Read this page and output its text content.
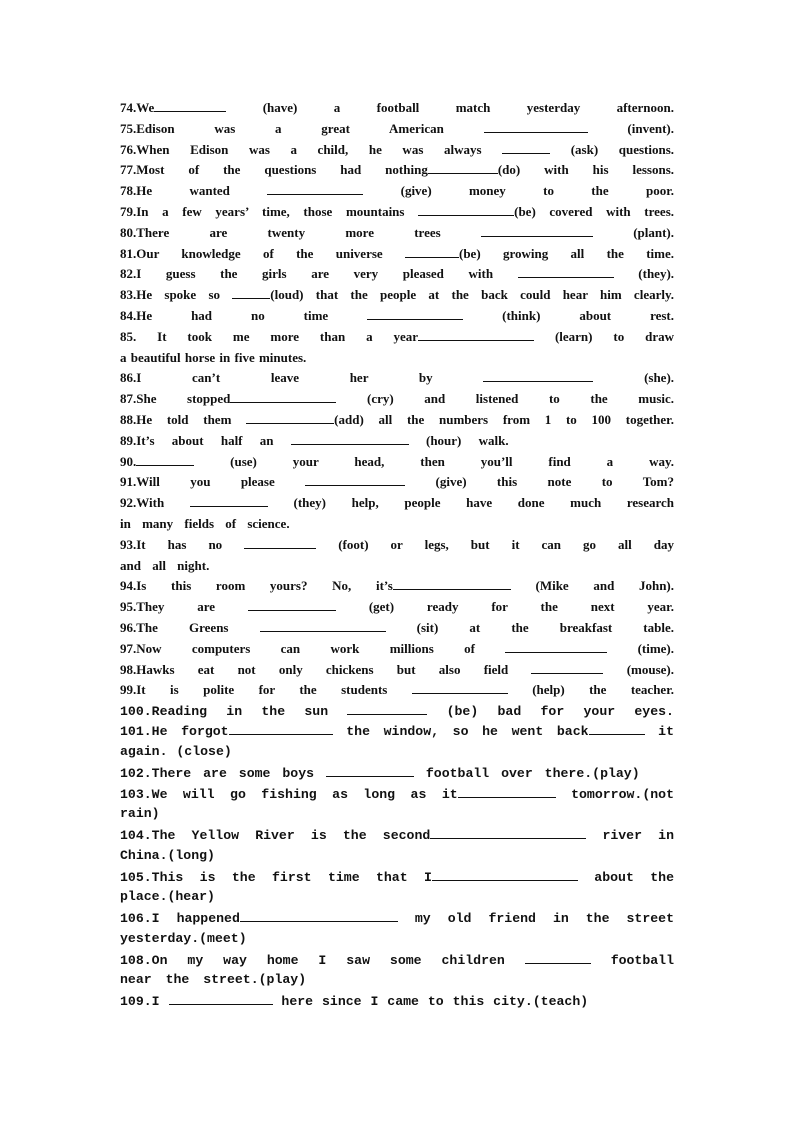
74.We	(have) a football match yesterday afternoon.
75.Edison was a great American	(invent).
76.When Edison was a child, he was always	(ask) questions.
77.Most of the questions had nothing	(do) with his lessons.
78.He wanted	(give) money to the poor.
79.In a few years’ time, those mountains	(be) covered with trees.
80.There are twenty more trees	(plant).
81.Our knowledge of the universe	(be) growing all the time.
82.I guess the girls are very pleased with	(they).
83.He spoke so	(loud) that the people at the back could hear him clearly.
84.He had no time	(think) about rest.
85. It took me more than a year	(learn) to draw
a beautiful horse in five minutes.
86.I can’t leave her by	(she).
87.She stopped	(cry) and listened to the music.
88.He told them	(add) all the numbers from 1 to 100 together.
89.It’s about half an	(hour) walk.
90.	(use) your head, then you’ll find a way.
91.Will you please	(give) this note to Tom?
92.With	(they) help, people have done much research
in many fields of science.
93.It has no	(foot) or legs, but it can go all day
and all night.
94.Is this room yours? No, it’s	(Mike and John).
95.They are	(get) ready for the next year.
96.The Greens	(sit) at the breakfast table.
97.Now computers can work millions of	(time).
98.Hawks eat not only chickens but also field	(mouse).
99.It is polite for the students	(help) the teacher.
100.Reading in the sun	(be) bad for your eyes.
101.He forgot	the window, so he went back	it
again. (close)
102.There are some boys	football over there.(play)
103.We will go fishing as long as it	tomorrow.(not
rain)
104.The Yellow River is the second	river in
China.(long)
105.This is the first time that I	about the
place.(hear)
106.I happened	my old friend in the street
yesterday.(meet)
108.On my way home I saw some children	football
near the street.(play)
109.I	here since I came to this city.(teach)
